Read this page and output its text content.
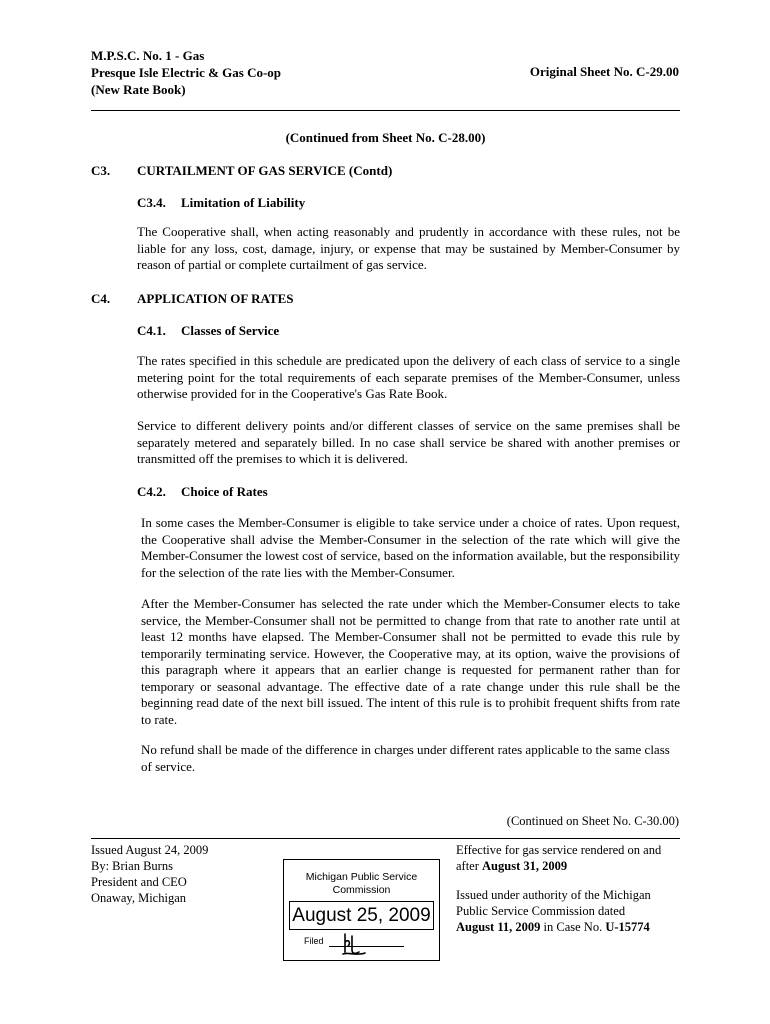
M.P.S.C. No. 1 - Gas
Presque Isle Electric & Gas Co-op
(New Rate Book)
Original Sheet No. C-29.00
(Continued from Sheet No. C-28.00)
C3. CURTAILMENT OF GAS SERVICE (Contd)
C3.4. Limitation of Liability
The Cooperative shall, when acting reasonably and prudently in accordance with these rules, not be liable for any loss, cost, damage, injury, or expense that may be sustained by Member-Consumer by reason of partial or complete curtailment of gas service.
C4. APPLICATION OF RATES
C4.1. Classes of Service
The rates specified in this schedule are predicated upon the delivery of each class of service to a single metering point for the total requirements of each separate premises of the Member-Consumer, unless otherwise provided for in the Cooperative's Gas Rate Book.
Service to different delivery points and/or different classes of service on the same premises shall be separately metered and separately billed. In no case shall service be shared with another premises or transmitted off the premises to which it is delivered.
C4.2. Choice of Rates
In some cases the Member-Consumer is eligible to take service under a choice of rates. Upon request, the Cooperative shall advise the Member-Consumer in the selection of the rate which will give the Member-Consumer the lowest cost of service, based on the information available, but the responsibility for the selection of the rate lies with the Member-Consumer.
After the Member-Consumer has selected the rate under which the Member-Consumer elects to take service, the Member-Consumer shall not be permitted to change from that rate to another rate until at least 12 months have elapsed. The Member-Consumer shall not be permitted to evade this rule by temporarily terminating service. However, the Cooperative may, at its option, waive the provisions of this paragraph where it appears that an earlier change is requested for permanent rather than for temporary or seasonal advantage. The effective date of a rate change under this rule shall be the beginning read date of the next bill issued. The intent of this rule is to prohibit frequent shifts from rate to rate.
No refund shall be made of the difference in charges under different rates applicable to the same class of service.
(Continued on Sheet No. C-30.00)
Issued August 24, 2009
By: Brian Burns
President and CEO
Onaway, Michigan
Michigan Public Service
Commission
August 25, 2009
Filed
Effective for gas service rendered on and
after August 31, 2009
Issued under authority of the Michigan
Public Service Commission dated
August 11, 2009 in Case No. U-15774
